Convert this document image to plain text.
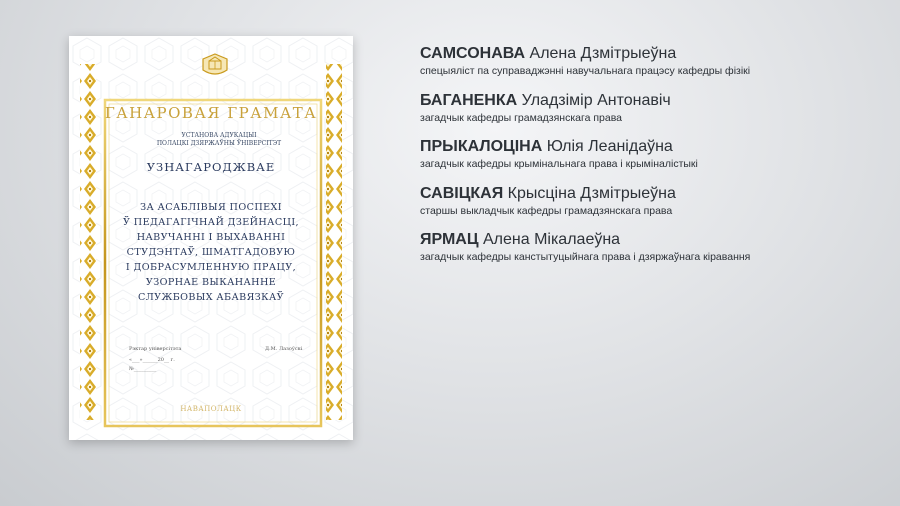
ГАНАРОВАЯ ГРАМАТА

УСТАНОВА АДУКАЦЫІ
ПОЛАЦКІ ДЗЯРЖАЎНЫ ЎНІВЕРСІТЭТ

УЗНАГАРОДЖВАЕ

ЗА АСАБЛІВЫЯ ПОСПЕХІ
Ў ПЕДАГАГІЧНАЙ ДЗЕЙНАСЦІ,
НАВУЧАННІ І ВЫХАВАННІ
СТУДЭНТАЎ, ШМАТГАДОВУЮ
І ДОБРАСУМЛЕННУЮ ПРАЦУ,
УЗОРНАЕ ВЫКАНАННЕ
СЛУЖБОВЫХ АБАВЯЗКАЎ
Рэктар універсітэта	Д.М. Лазоўскі
«___»______20__ г.
№_________

НАВАПОЛАЦК

САМСОНАВА Алена Дзмітрыеўна
спецыяліст па суправаджэнні навучальнага працэсу кафедры фізікі
БАГАНЕНКА Уладзімір Антонавіч
загадчык кафедры грамадзянскага права
ПРЫКАЛОЦІНА Юлія Леанідаўна
загадчык кафедры крымінальнага права і крыміналістыкі
САВІЦКАЯ Крысціна Дзмітрыеўна
старшы выкладчык кафедры грамадзянскага права
ЯРМАЦ Алена Мікалаеўна
загадчык кафедры канстытуцыйнага права і дзяржаўнага кіравання
